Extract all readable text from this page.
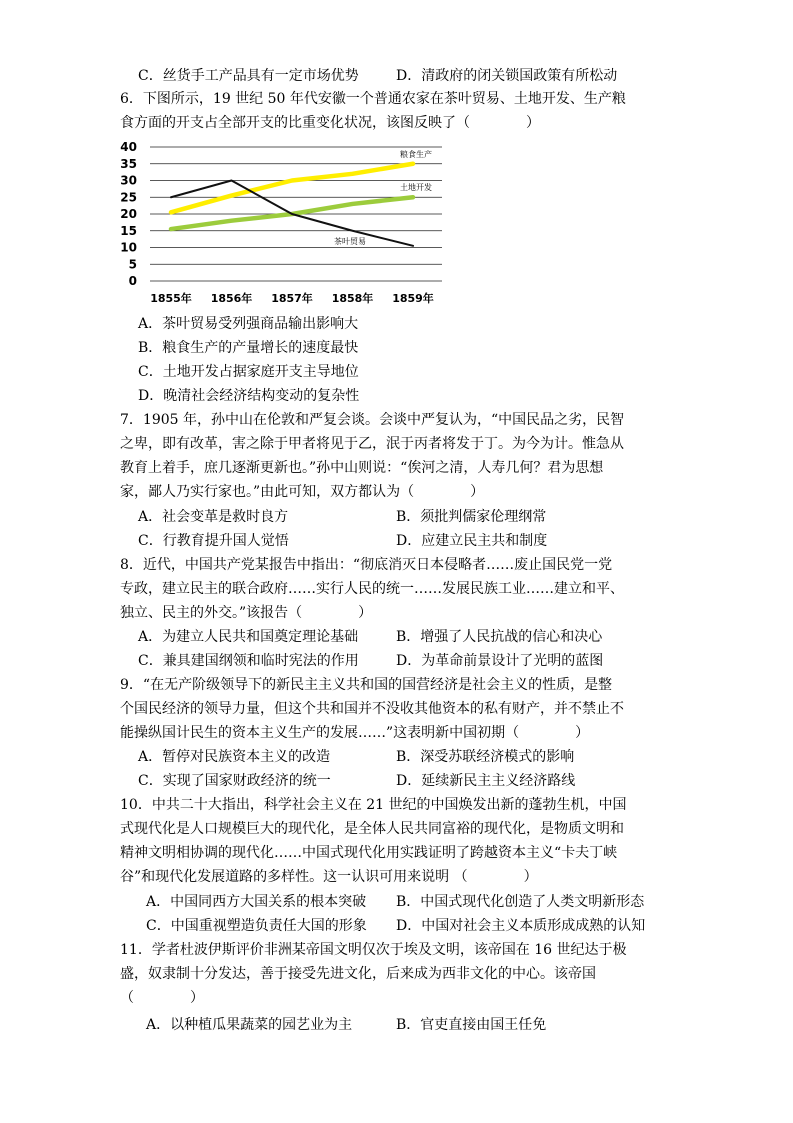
C．丝货手工产品具有一定市场优势	D．清政府的闭关锁国政策有所松动
6．下图所示，19 世纪 50 年代安徽一个普通农家在茶叶贸易、土地开发、生产粮
食方面的开支占全部开支的比重变化状况，该图反映了（　　　　）
0
5
10
15
20
25
30
35
40
1855年 1856年 1857年 1858年 1859年
粮食生产
土地开发
茶叶贸易
A．茶叶贸易受列强商品输出影响大
B．粮食生产的产量增长的速度最快
C．土地开发占据家庭开支主导地位
D．晚清社会经济结构变动的复杂性
7．1905 年，孙中山在伦敦和严复会谈。会谈中严复认为，“中国民品之劣，民智
之卑，即有改革，害之除于甲者将见于乙，泯于丙者将发于丁。为今为计。惟急从
教育上着手，庶几逐渐更新也。”孙中山则说：“俟河之清，人寿几何？君为思想
家，鄙人乃实行家也。”由此可知，双方都认为（　　　　）
A．社会变革是救时良方	B．须批判儒家伦理纲常
C．行教育提升国人觉悟	D．应建立民主共和制度
8．近代，中国共产党某报告中指出：“彻底消灭日本侵略者……废止国民党一党
专政，建立民主的联合政府……实行人民的统一……发展民族工业……建立和平、
独立、民主的外交。”该报告（　　　　）
A．为建立人民共和国奠定理论基础	B．增强了人民抗战的信心和决心
C．兼具建国纲领和临时宪法的作用	D．为革命前景设计了光明的蓝图
9．“在无产阶级领导下的新民主主义共和国的国营经济是社会主义的性质，是整
个国民经济的领导力量，但这个共和国并不没收其他资本的私有财产，并不禁止不
能操纵国计民生的资本主义生产的发展……”这表明新中国初期（　　　　）
A．暂停对民族资本主义的改造	B．深受苏联经济模式的影响
C．实现了国家财政经济的统一	D．延续新民主主义经济路线
10．中共二十大指出，科学社会主义在 21 世纪的中国焕发出新的蓬勃生机，中国
式现代化是人口规模巨大的现代化，是全体人民共同富裕的现代化，是物质文明和
精神文明相协调的现代化……中国式现代化用实践证明了跨越资本主义“卡夫丁峡
谷”和现代化发展道路的多样性。这一认识可用来说明 （　　　　）
A．中国同西方大国关系的根本突破 B．中国式现代化创造了人类文明新形态
C．中国重视塑造负责任大国的形象 D．中国对社会主义本质形成成熟的认知
11．学者杜波伊斯评价非洲某帝国文明仅次于埃及文明，该帝国在 16 世纪达于极
盛，奴隶制十分发达，善于接受先进文化，后来成为西非文化的中心。该帝国
（　　　　）
A．以种植瓜果蔬菜的园艺业为主	B．官吏直接由国王任免
